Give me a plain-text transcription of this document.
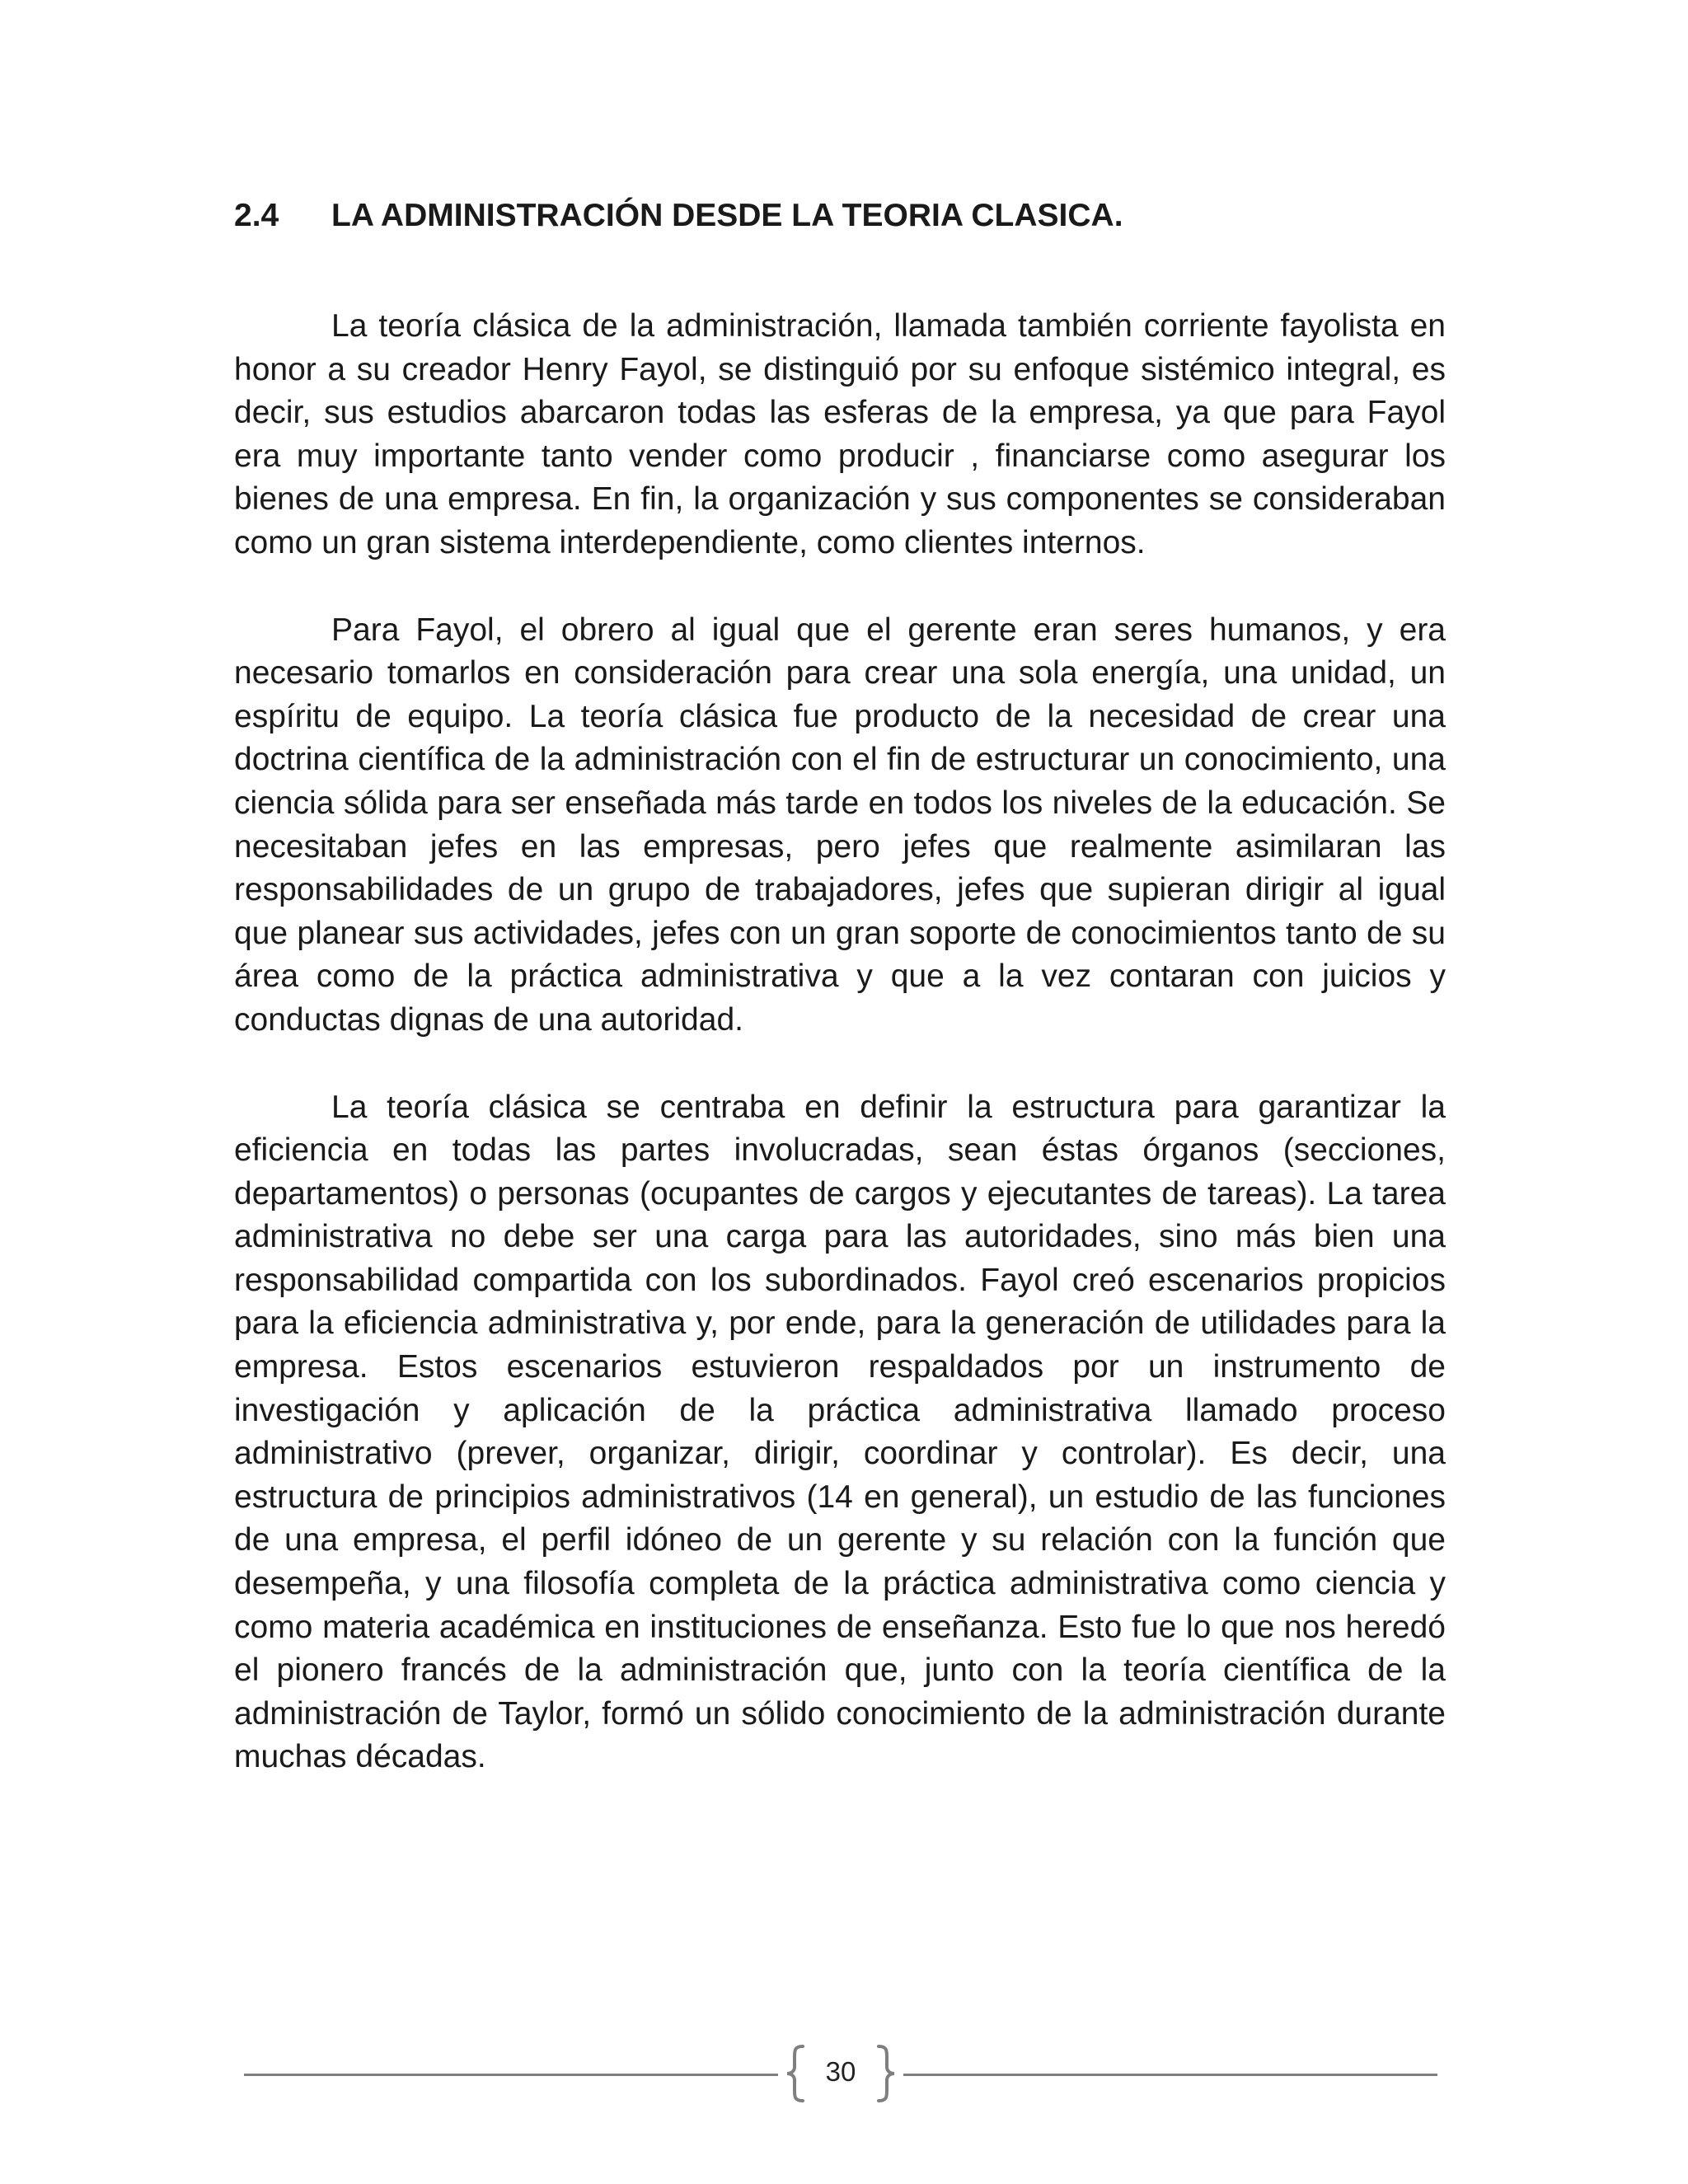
2.4 LA ADMINISTRACIÓN DESDE LA TEORIA CLASICA.

La teoría clásica de la administración, llamada también corriente fayolista en honor a su creador Henry Fayol, se distinguió por su enfoque sistémico integral, es decir, sus estudios abarcaron todas las esferas de la empresa, ya que para Fayol era muy importante tanto vender como producir , financiarse como asegurar los bienes de una empresa. En fin, la organización y sus componentes se consideraban como un gran sistema interdependiente, como clientes internos.

Para Fayol, el obrero al igual que el gerente eran seres humanos, y era necesario tomarlos en consideración para crear una sola energía, una unidad, un espíritu de equipo. La teoría clásica fue producto de la necesidad de crear una doctrina científica de la administración con el fin de estructurar un conocimiento, una ciencia sólida para ser enseñada más tarde en todos los niveles de la educación. Se necesitaban jefes en las empresas, pero jefes que realmente asimilaran las responsabilidades de un grupo de trabajadores, jefes que supieran dirigir al igual que planear sus actividades, jefes con un gran soporte de conocimientos tanto de su área como de la práctica administrativa y que a la vez contaran con juicios y conductas dignas de una autoridad.

La teoría clásica se centraba en definir la estructura para garantizar la eficiencia en todas las partes involucradas, sean éstas órganos (secciones, departamentos) o personas (ocupantes de cargos y ejecutantes de tareas). La tarea administrativa no debe ser una carga para las autoridades, sino más bien una responsabilidad compartida con los subordinados. Fayol creó escenarios propicios para la eficiencia administrativa y, por ende, para la generación de utilidades para la empresa. Estos escenarios estuvieron respaldados por un instrumento de investigación y aplicación de la práctica administrativa llamado proceso administrativo (prever, organizar, dirigir, coordinar y controlar). Es decir, una estructura de principios administrativos (14 en general), un estudio de las funciones de una empresa, el perfil idóneo de un gerente y su relación con la función que desempeña, y una filosofía completa de la práctica administrativa como ciencia y como materia académica en instituciones de enseñanza. Esto fue lo que nos heredó el pionero francés de la administración que, junto con la teoría científica de la administración de Taylor, formó un sólido conocimiento de la administración durante muchas décadas.

30
